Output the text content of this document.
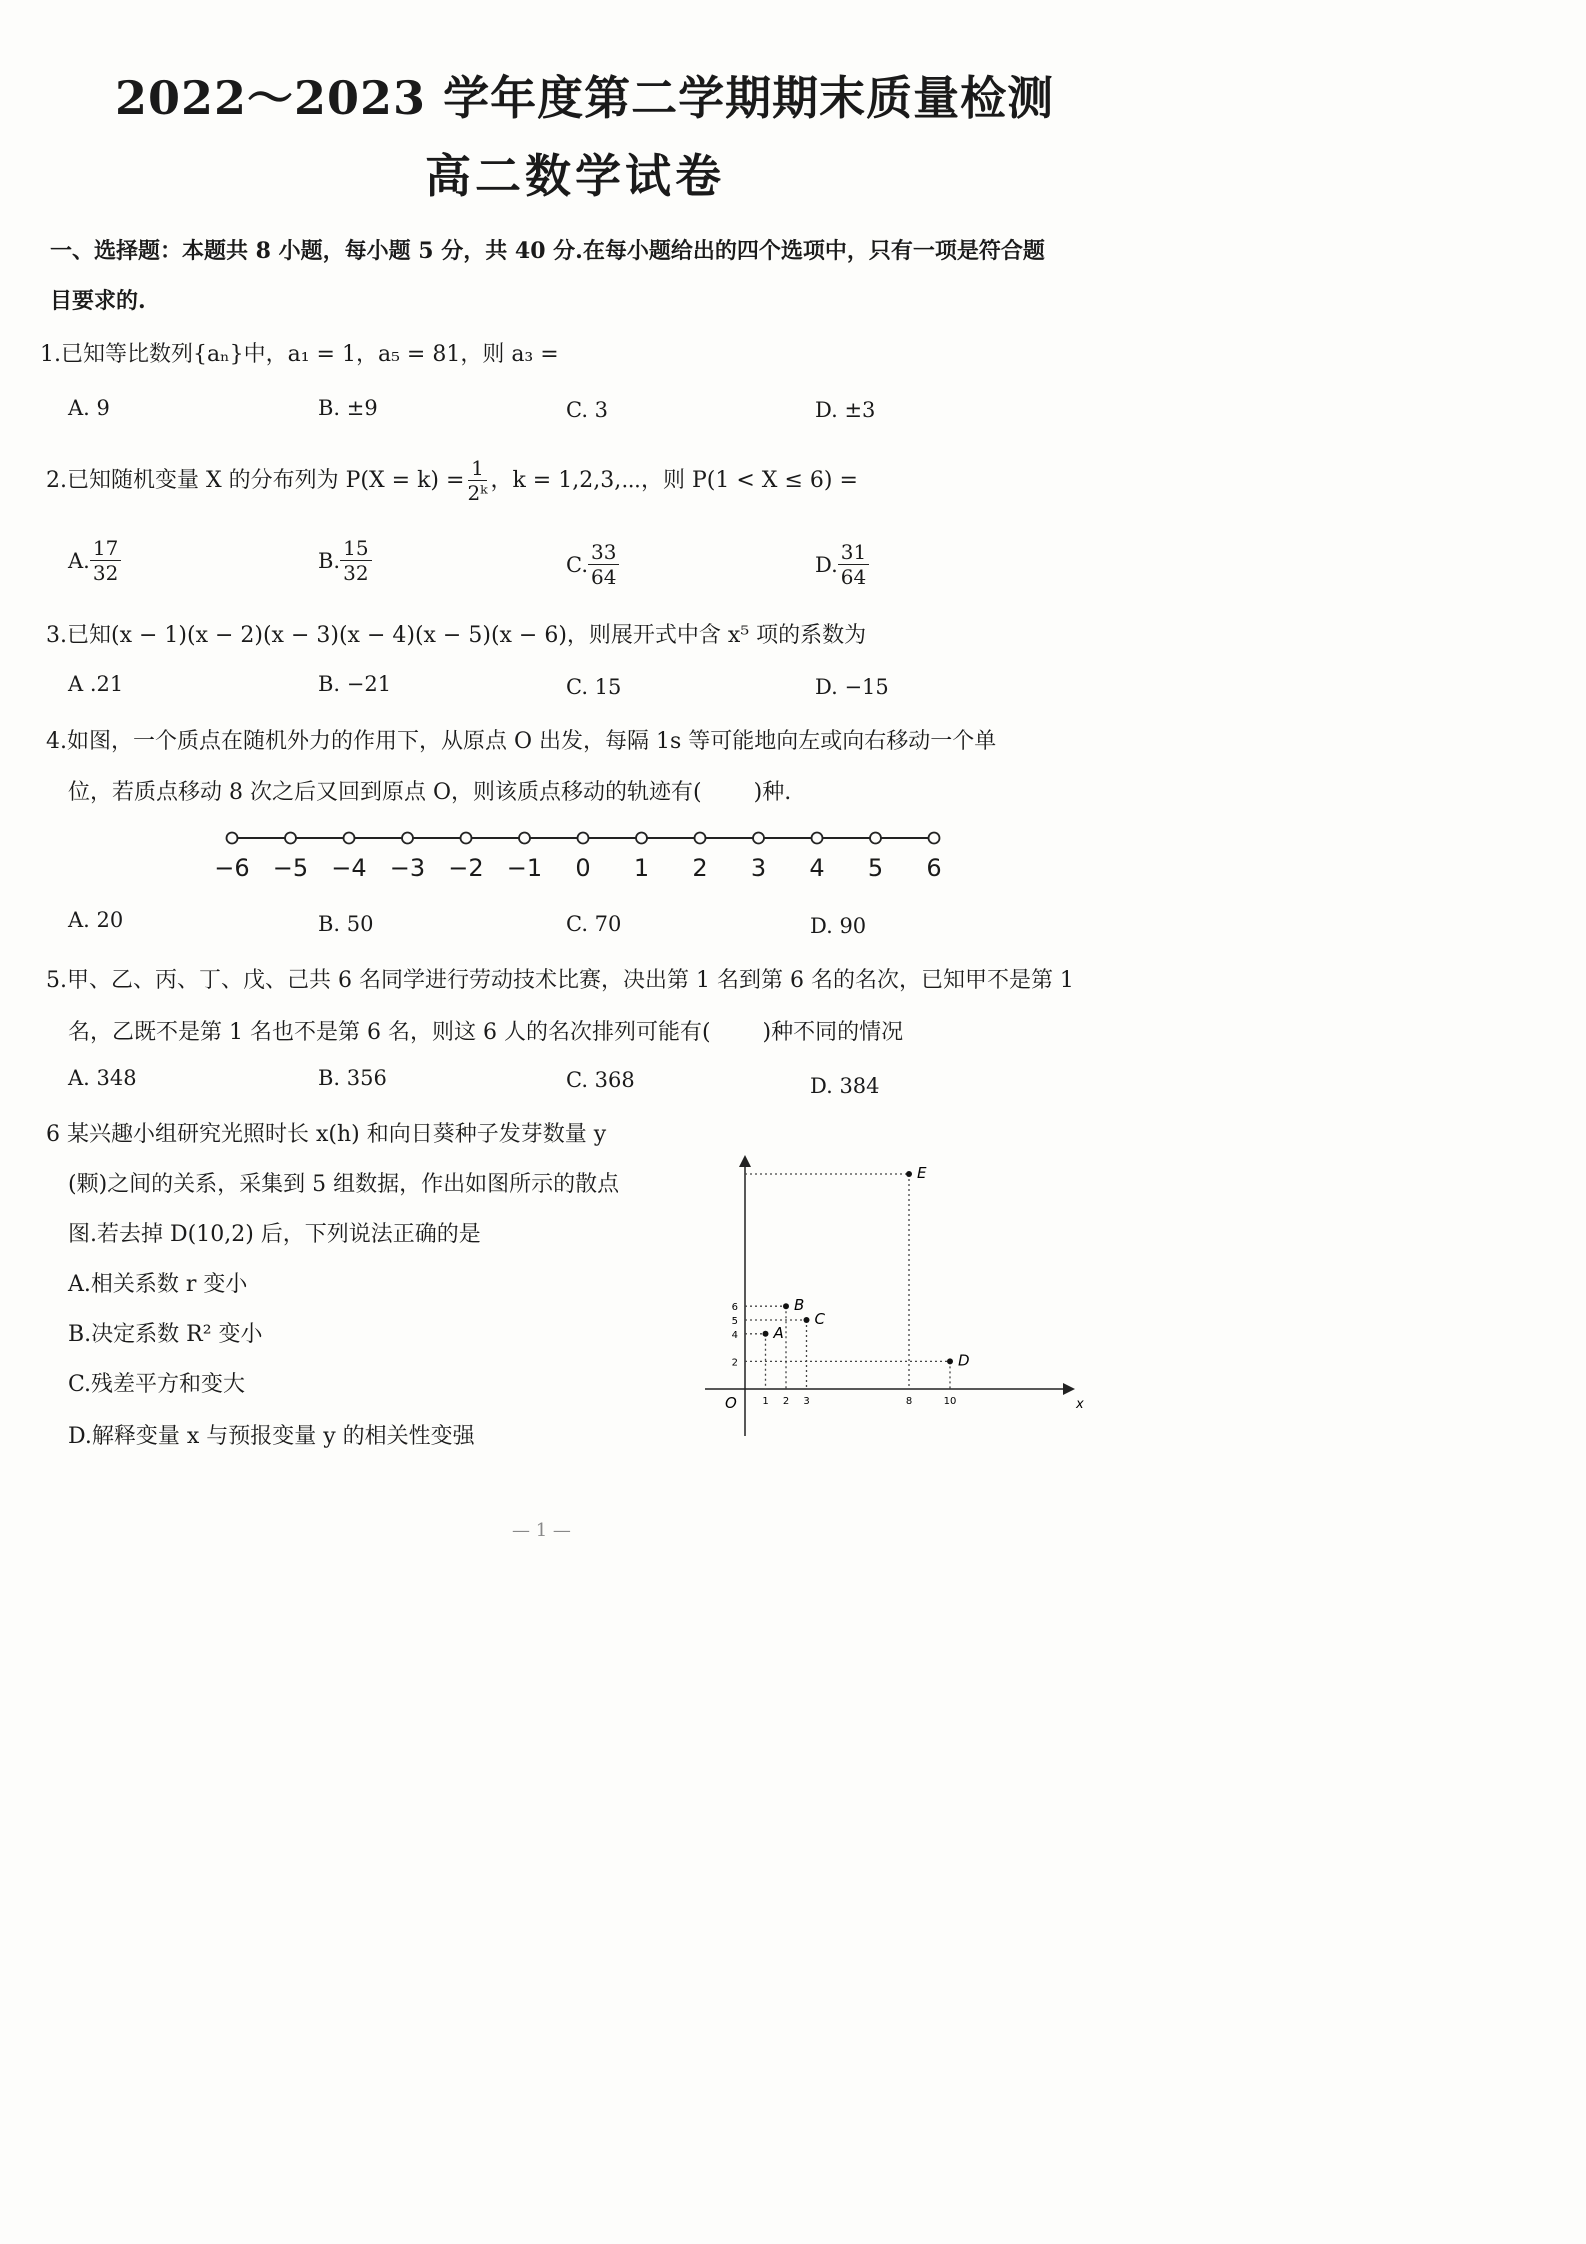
2022～2023 学年度第二学期期末质量检测
高二数学试卷
一、选择题：本题共 8 小题，每小题 5 分，共 40 分.在每小题给出的四个选项中，只有一项是符合题
目要求的.
1.已知等比数列{aₙ}中，a₁ = 1，a₅ = 81，则 a₃ =
A. 9	B. ±9	C. 3	D. ±3
2.已知随机变量 X 的分布列为 $P(X = k) = \frac{1}{\text{2ᵏ}}$ ，k = 1,2,3,⋯，则 P(1 < X ≤ 6) =
A. $\frac{17}{32}$	B. $\frac{15}{32}$	C. $\frac{33}{64}$	D. $\frac{31}{64}$
3.已知(x − 1)(x − 2)(x − 3)(x − 4)(x − 5)(x − 6)，则展开式中含 x⁵ 项的系数为
A .21	B. −21	C. 15	D. −15
4.如图，一个质点在随机外力的作用下，从原点 O 出发，每隔 1s 等可能地向左或向右移动一个单
位，若质点移动 8 次之后又回到原点 O，则该质点移动的轨迹有( )种.
−6 −5 −4 −3 −2 −1 0 1 2 3 4 5 6
A. 20	B. 50	C. 70	D. 90
5.甲、乙、丙、丁、戊、己共 6 名同学进行劳动技术比赛，决出第 1 名到第 6 名的名次，已知甲不是第 1
名，乙既不是第 1 名也不是第 6 名，则这 6 人的名次排列可能有( )种不同的情况
A. 348	B. 356	C. 368	D. 384
6 某兴趣小组研究光照时长 x(h) 和向日葵种子发芽数量 y
(颗)之间的关系，采集到 5 组数据，作出如图所示的散点
图.若去掉 D(10,2) 后，下列说法正确的是
A.相关系数 r 变小
B.决定系数 R² 变小
C.残差平方和变大
D.解释变量 x 与预报变量 y 的相关性变强
O	x
1 2 3	8	10
2
4
5
6
A
B
C
D
E
— 1 —
